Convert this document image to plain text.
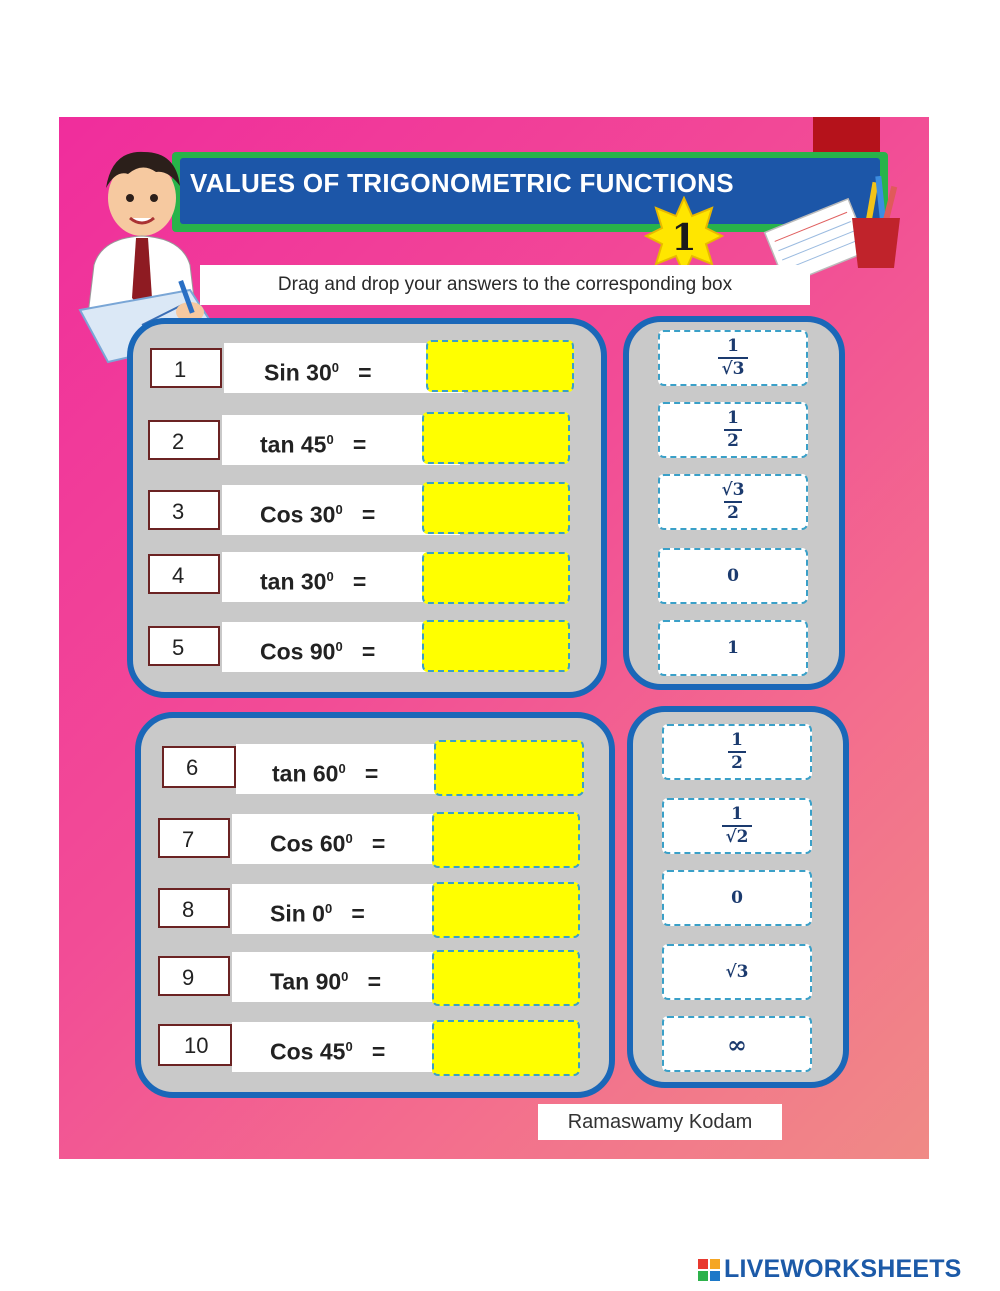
VALUES OF TRIGONOMETRIC FUNCTIONS
1
Drag and drop your answers to the corresponding box
1	Sin $30^0$ =
2	$\tan 45^0$ =
3	Cos $30^0$ =
4	$\tan 30^0$ =
5	Cos $90^0$ =
$\frac{1}{√3}$
$\frac{1}{2}$
$\frac{√3}{2}$
0
1
6	$\tan 60^0$ =
7	Cos $60^0$ =
8	Sin $0^0$ =
9	Tan $90^0$ =
10	Cos $45^0$ =
$\frac{1}{2}$
$\frac{1}{√2}$
0
√3
∞
Ramaswamy Kodam
LIVEWORKSHEETS
